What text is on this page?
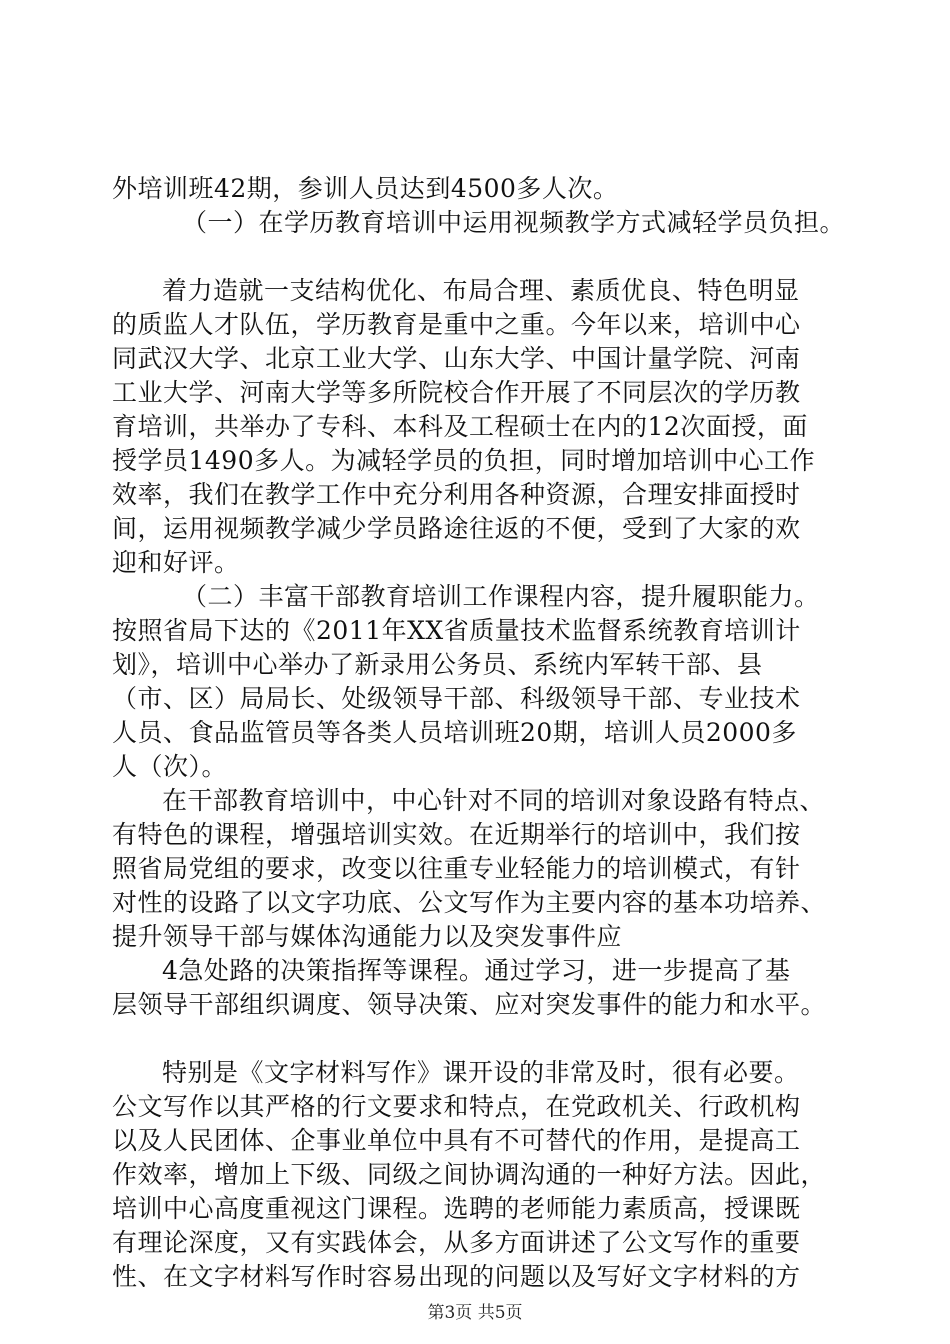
外培训班42期，参训人员达到4500多人次。
（一）在学历教育培训中运用视频教学方式减轻学员负担。
着力造就一支结构优化、布局合理、素质优良、特色明显
的质监人才队伍，学历教育是重中之重。今年以来，培训中心
同武汉大学、北京工业大学、山东大学、中国计量学院、河南
工业大学、河南大学等多所院校合作开展了不同层次的学历教
育培训，共举办了专科、本科及工程硕士在内的12次面授，面
授学员1490多人。为减轻学员的负担，同时增加培训中心工作
效率，我们在教学工作中充分利用各种资源，合理安排面授时
间，运用视频教学减少学员路途往返的不便，受到了大家的欢
迎和好评。
（二）丰富干部教育培训工作课程内容，提升履职能力。
按照省局下达的《2011年XX省质量技术监督系统教育培训计
划》，培训中心举办了新录用公务员、系统内军转干部、县
（市、区）局局长、处级领导干部、科级领导干部、专业技术
人员、食品监管员等各类人员培训班20期，培训人员2000多
人（次）。
在干部教育培训中，中心针对不同的培训对象设路有特点、
有特色的课程，增强培训实效。在近期举行的培训中，我们按
照省局党组的要求，改变以往重专业轻能力的培训模式，有针
对性的设路了以文字功底、公文写作为主要内容的基本功培养、
提升领导干部与媒体沟通能力以及突发事件应
4急处路的决策指挥等课程。通过学习，进一步提高了基
层领导干部组织调度、领导决策、应对突发事件的能力和水平。
特别是《文字材料写作》课开设的非常及时，很有必要。
公文写作以其严格的行文要求和特点，在党政机关、行政机构
以及人民团体、企事业单位中具有不可替代的作用，是提高工
作效率，增加上下级、同级之间协调沟通的一种好方法。因此，
培训中心高度重视这门课程。选聘的老师能力素质高，授课既
有理论深度，又有实践体会，从多方面讲述了公文写作的重要
性、在文字材料写作时容易出现的问题以及写好文字材料的方
第3页 共5页
